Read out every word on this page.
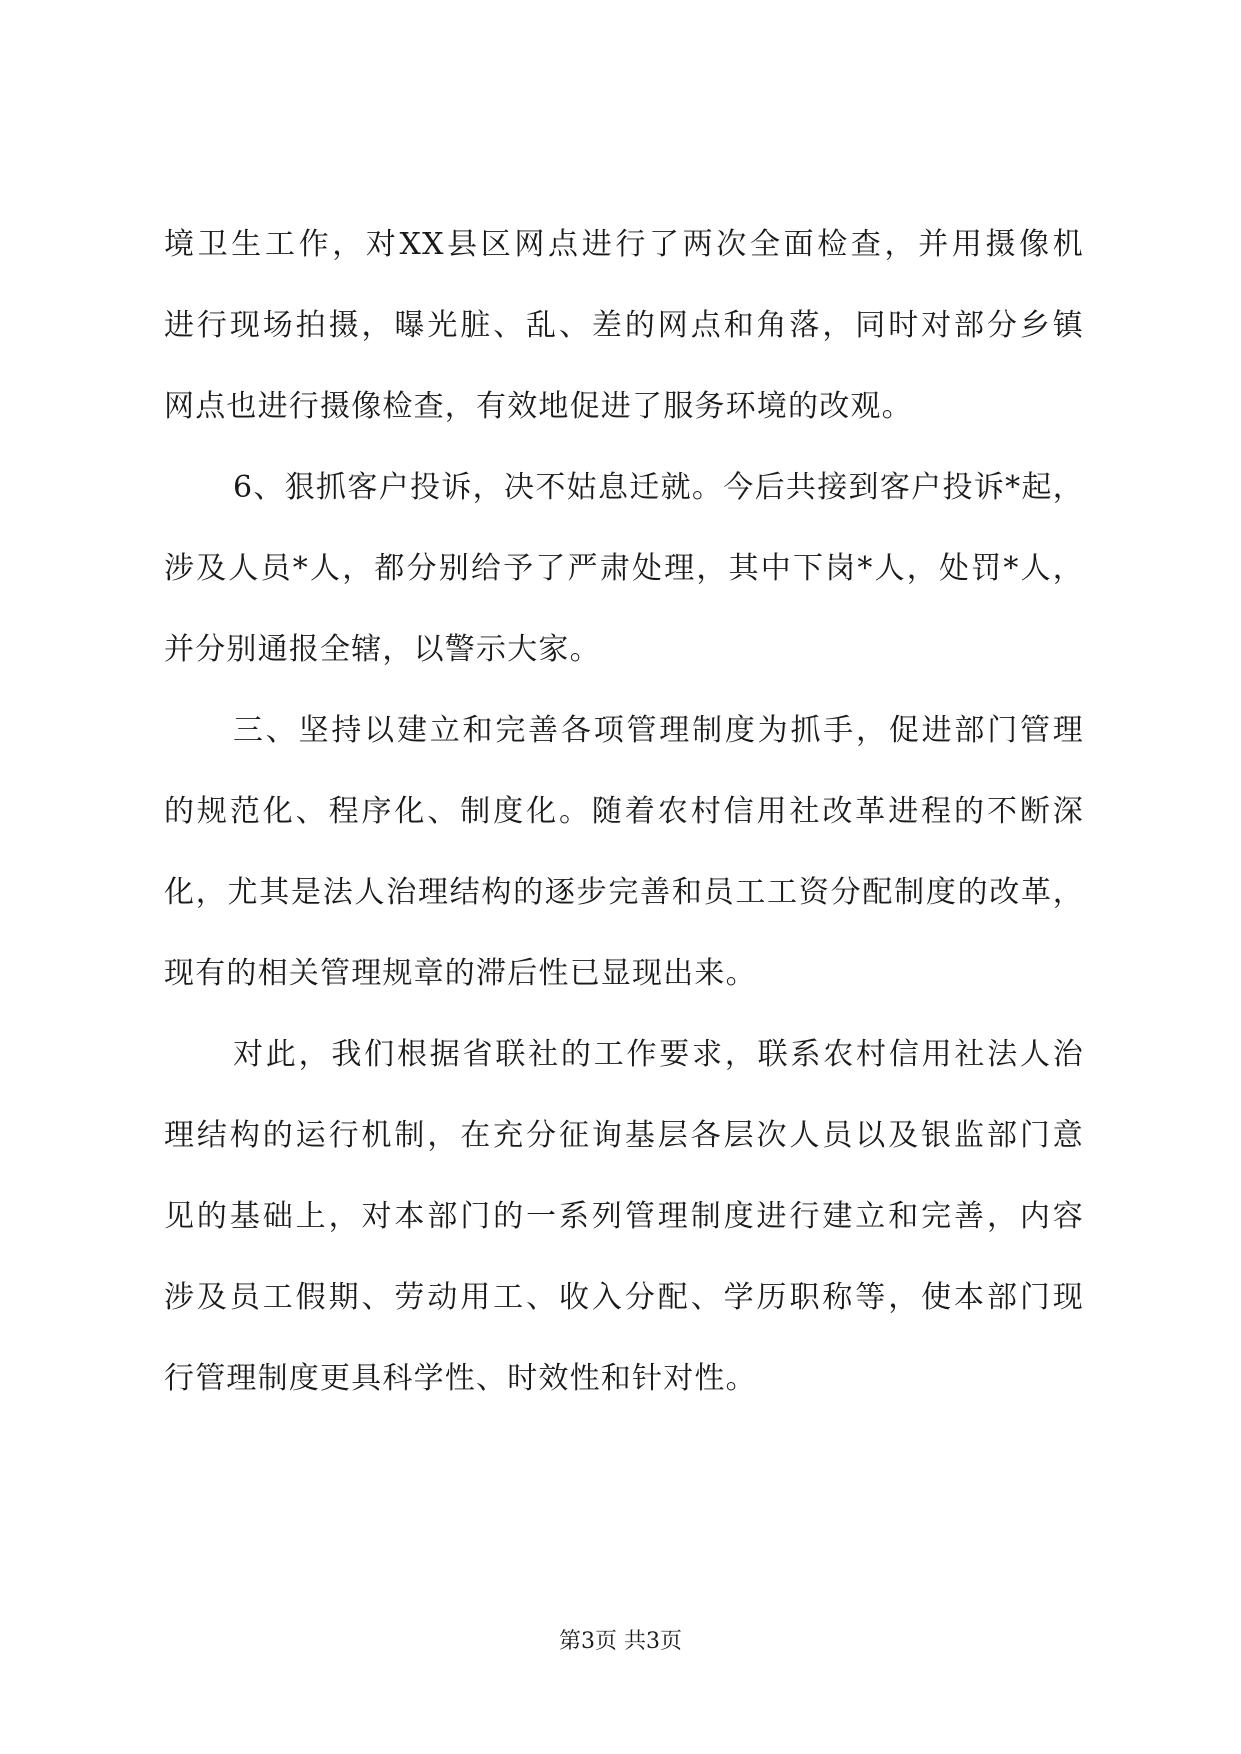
境卫生工作，对XX县区网点进行了两次全面检查，并用摄像机
进行现场拍摄，曝光脏、乱、差的网点和角落，同时对部分乡镇
网点也进行摄像检查，有效地促进了服务环境的改观。
6、狠抓客户投诉，决不姑息迁就。今后共接到客户投诉*起，
涉及人员*人，都分别给予了严肃处理，其中下岗*人，处罚*人，
并分别通报全辖，以警示大家。
三、坚持以建立和完善各项管理制度为抓手，促进部门管理
的规范化、程序化、制度化。随着农村信用社改革进程的不断深
化，尤其是法人治理结构的逐步完善和员工工资分配制度的改革，
现有的相关管理规章的滞后性已显现出来。
对此，我们根据省联社的工作要求，联系农村信用社法人治
理结构的运行机制，在充分征询基层各层次人员以及银监部门意
见的基础上，对本部门的一系列管理制度进行建立和完善，内容
涉及员工假期、劳动用工、收入分配、学历职称等，使本部门现
行管理制度更具科学性、时效性和针对性。
第3页 共3页
